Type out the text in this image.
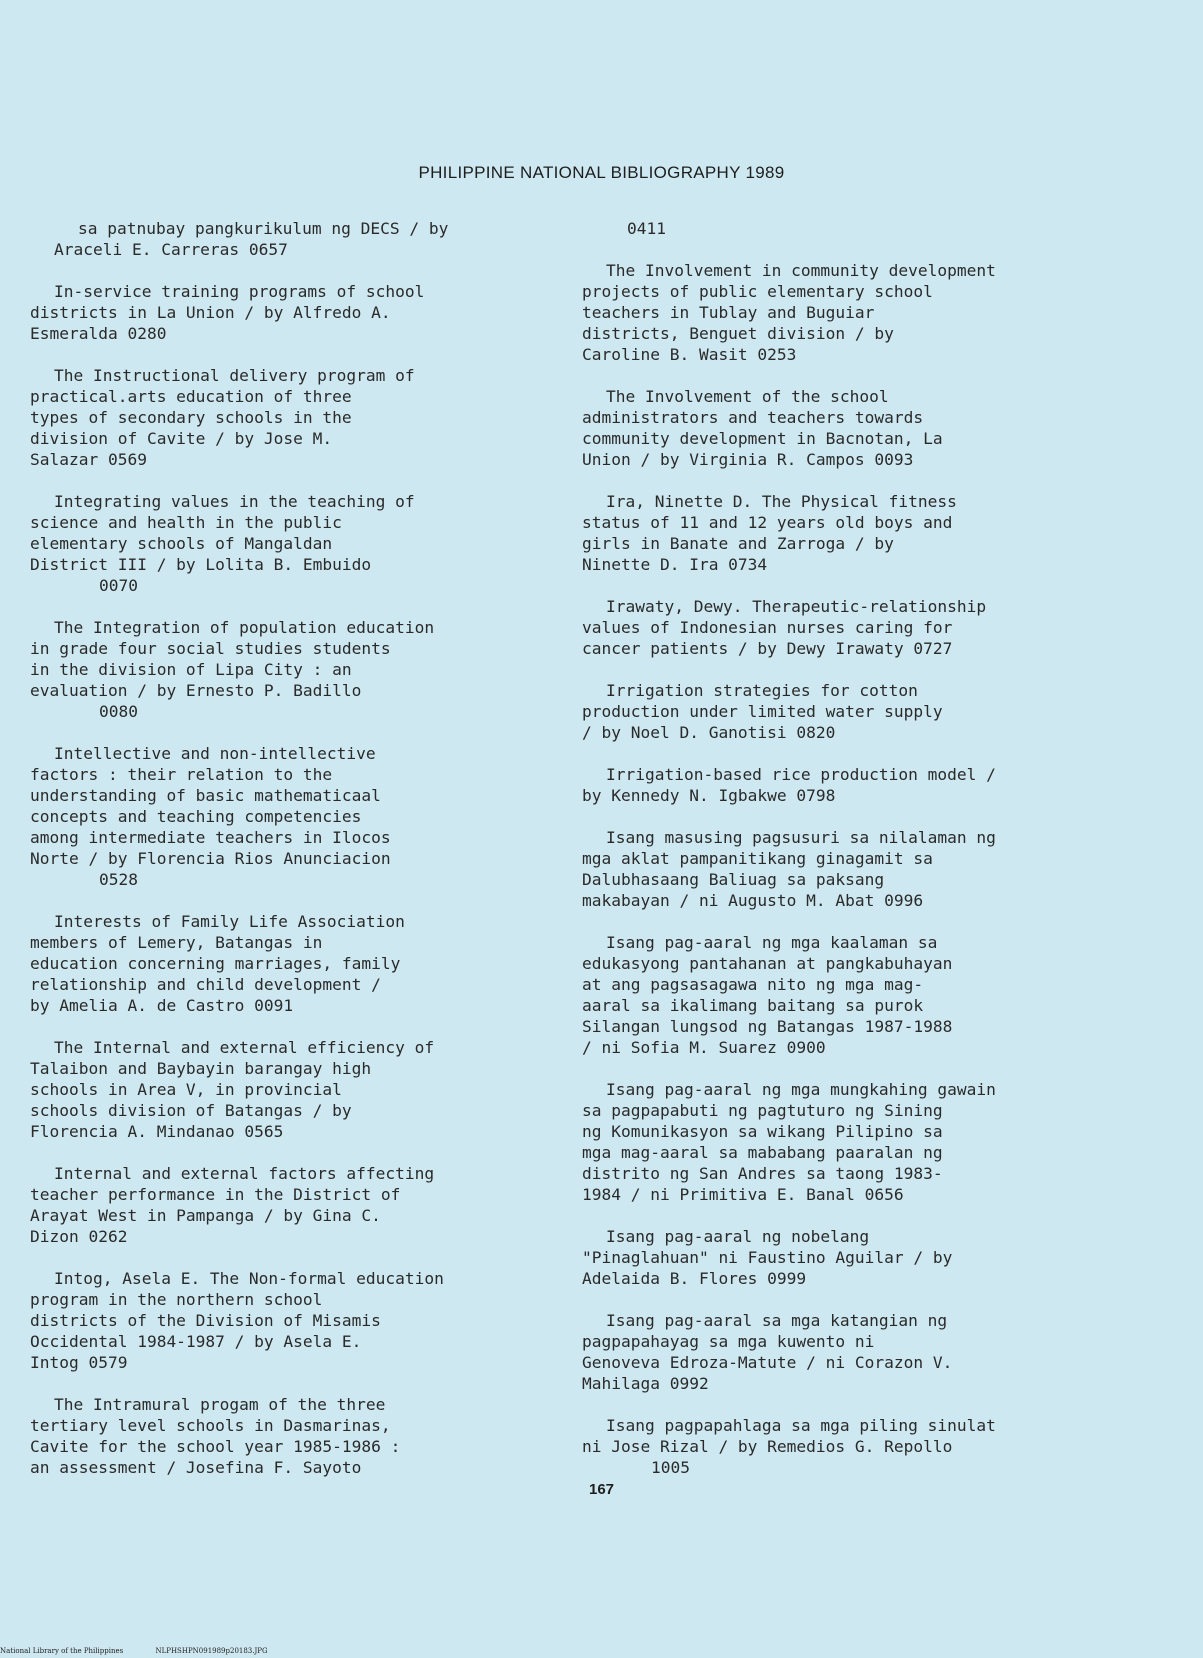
PHILIPPINE NATIONAL BIBLIOGRAPHY 1989
sa patnubay pangkurikulum ng DECS / by
Araceli E. Carreras 0657
In-service training programs of school
districts in La Union / by Alfredo A.
Esmeralda 0280
The Instructional delivery program of
practical.arts education of three
types of secondary schools in the
division of Cavite / by Jose M.
Salazar 0569
Integrating values in the teaching of
science and health in the public
elementary schools of Mangaldan
District III / by Lolita B. Embuido
0070
The Integration of population education
in grade four social studies students
in the division of Lipa City : an
evaluation / by Ernesto P. Badillo
0080
Intellective and non-intellective
factors : their relation to the
understanding of basic mathematicaal
concepts and teaching competencies
among intermediate teachers in Ilocos
Norte / by Florencia Rios Anunciacion
0528
Interests of Family Life Association
members of Lemery, Batangas in
education concerning marriages, family
relationship and child development /
by Amelia A. de Castro 0091
The Internal and external efficiency of
Talaibon and Baybayin barangay high
schools in Area V, in provincial
schools division of Batangas / by
Florencia A. Mindanao 0565
Internal and external factors affecting
teacher performance in the District of
Arayat West in Pampanga / by Gina C.
Dizon 0262
Intog, Asela E. The Non-formal education
program in the northern school
districts of the Division of Misamis
Occidental 1984-1987 / by Asela E.
Intog 0579
The Intramural progam of the three
tertiary level schools in Dasmarinas,
Cavite for the school year 1985-1986 :
an assessment / Josefina F. Sayoto
0411
The Involvement in community development
projects of public elementary school
teachers in Tublay and Buguiar
districts, Benguet division / by
Caroline B. Wasit 0253
The Involvement of the school
administrators and teachers towards
community development in Bacnotan, La
Union / by Virginia R. Campos 0093
Ira, Ninette D. The Physical fitness
status of 11 and 12 years old boys and
girls in Banate and Zarroga / by
Ninette D. Ira 0734
Irawaty, Dewy. Therapeutic-relationship
values of Indonesian nurses caring for
cancer patients / by Dewy Irawaty 0727
Irrigation strategies for cotton
production under limited water supply
/ by Noel D. Ganotisi 0820
Irrigation-based rice production model /
by Kennedy N. Igbakwe 0798
Isang masusing pagsusuri sa nilalaman ng
mga aklat pampanitikang ginagamit sa
Dalubhasaang Baliuag sa paksang
makabayan / ni Augusto M. Abat 0996
Isang pag-aaral ng mga kaalaman sa
edukasyong pantahanan at pangkabuhayan
at ang pagsasagawa nito ng mga mag-
aaral sa ikalimang baitang sa purok
Silangan lungsod ng Batangas 1987-1988
/ ni Sofia M. Suarez 0900
Isang pag-aaral ng mga mungkahing gawain
sa pagpapabuti ng pagtuturo ng Sining
ng Komunikasyon sa wikang Pilipino sa
mga mag-aaral sa mababang paaralan ng
distrito ng San Andres sa taong 1983-
1984 / ni Primitiva E. Banal 0656
Isang pag-aaral ng nobelang
"Pinaglahuan" ni Faustino Aguilar / by
Adelaida B. Flores 0999
Isang pag-aaral sa mga katangian ng
pagpapahayag sa mga kuwento ni
Genoveva Edroza-Matute / ni Corazon V.
Mahilaga 0992
Isang pagpapahlaga sa mga piling sinulat
ni Jose Rizal / by Remedios G. Repollo
1005
167
National Library of the Philippines	NLPHSHPN091989p20183.JPG
